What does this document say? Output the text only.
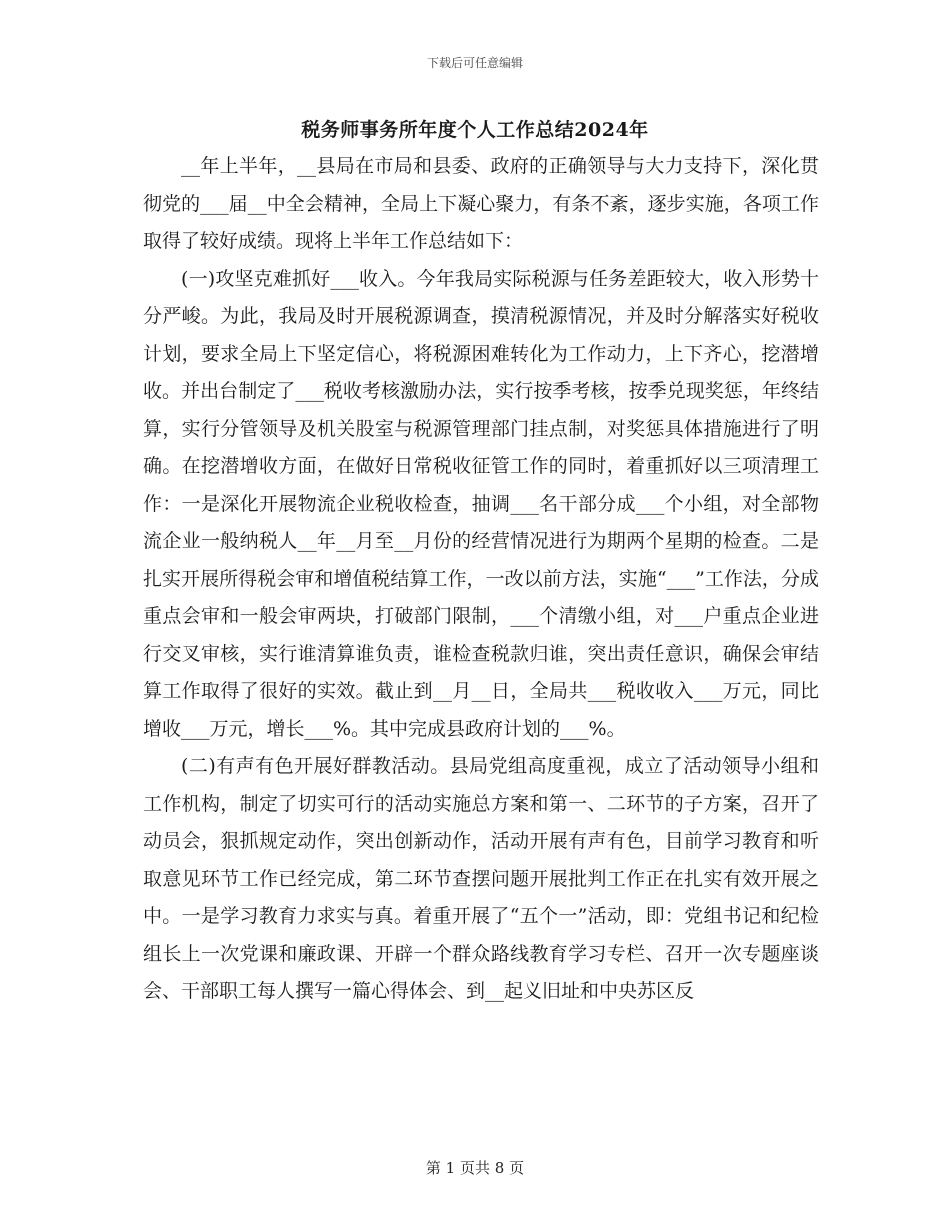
下载后可任意编辑
税务师事务所年度个人工作总结2024年

__年上半年，__县局在市局和县委、政府的正确领导与大力支持下，深化贯彻党的___届__中全会精神，全局上下凝心聚力，有条不紊，逐步实施，各项工作取得了较好成绩。现将上半年工作总结如下：

(一)攻坚克难抓好___收入。今年我局实际税源与任务差距较大，收入形势十分严峻。为此，我局及时开展税源调查，摸清税源情况，并及时分解落实好税收计划，要求全局上下坚定信心，将税源困难转化为工作动力，上下齐心，挖潜增收。并出台制定了___税收考核激励办法，实行按季考核，按季兑现奖惩，年终结算，实行分管领导及机关股室与税源管理部门挂点制，对奖惩具体措施进行了明确。在挖潜增收方面，在做好日常税收征管工作的同时，着重抓好以三项清理工作：一是深化开展物流企业税收检查，抽调___名干部分成___个小组，对全部物流企业一般纳税人__年__月至__月份的经营情况进行为期两个星期的检查。二是扎实开展所得税会审和增值税结算工作，一改以前方法，实施“___”工作法，分成重点会审和一般会审两块，打破部门限制，___个清缴小组，对___户重点企业进行交叉审核，实行谁清算谁负责，谁检查税款归谁，突出责任意识，确保会审结算工作取得了很好的实效。截止到__月__日，全局共___税收收入___万元，同比增收___万元，增长___%。其中完成县政府计划的___%。

(二)有声有色开展好群教活动。县局党组高度重视，成立了活动领导小组和工作机构，制定了切实可行的活动实施总方案和第一、二环节的子方案，召开了动员会，狠抓规定动作，突出创新动作，活动开展有声有色，目前学习教育和听取意见环节工作已经完成，第二环节查摆问题开展批判工作正在扎实有效开展之中。一是学习教育力求实与真。着重开展了“五个一”活动，即：党组书记和纪检组长上一次党课和廉政课、开辟一个群众路线教育学习专栏、召开一次专题座谈会、干部职工每人撰写一篇心得体会、到__起义旧址和中央苏区反

第 1 页共 8 页
